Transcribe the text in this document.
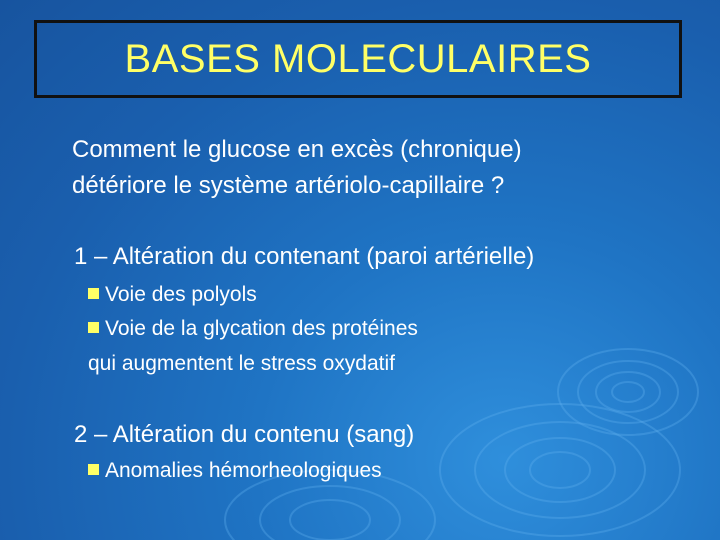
BASES MOLECULAIRES
Comment le glucose en excès (chronique)
détériore le système artériolo-capillaire ?
1 – Altération du contenant (paroi artérielle)
Voie des polyols
Voie de la glycation des protéines
qui augmentent le stress oxydatif
2 – Altération du contenu (sang)
Anomalies hémorheologiques
